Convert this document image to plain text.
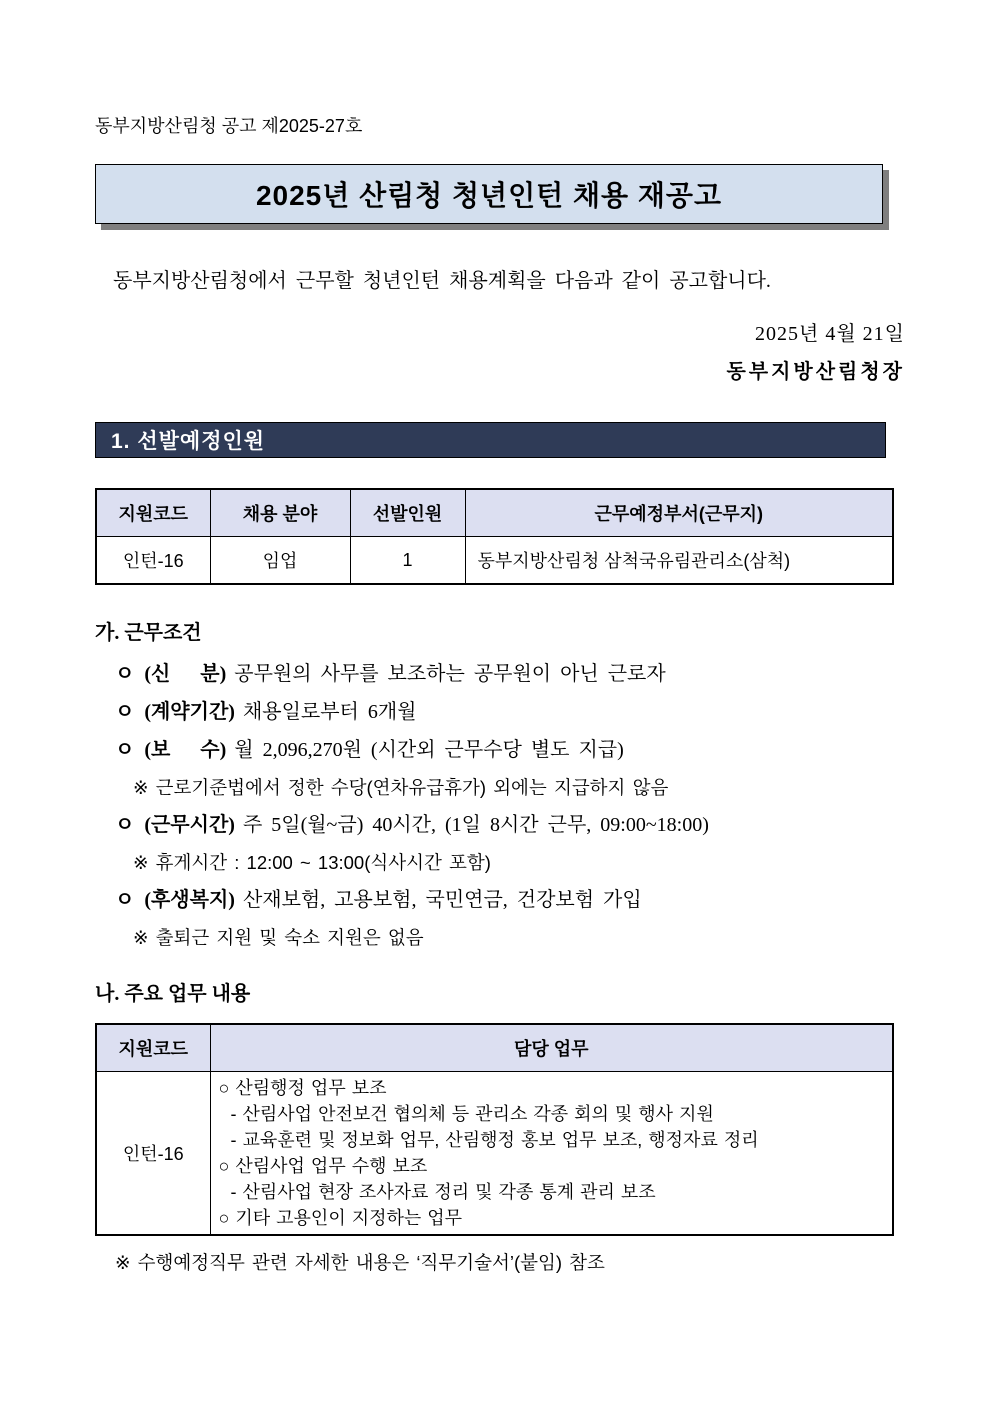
동부지방산림청 공고 제2025-27호
2025년 산림청 청년인턴 채용 재공고
동부지방산림청에서 근무할 청년인턴 채용계획을 다음과 같이 공고합니다.
2025년 4월 21일
동부지방산림청장
1. 선발예정인원
지원코드	채용 분야	선발인원	근무예정부서(근무지)
인턴-16	임업	1	동부지방산림청 삼척국유림관리소(삼척)
가. 근무조건
ㅇ (신      분) 공무원의 사무를 보조하는 공무원이 아닌 근로자
ㅇ (계약기간) 채용일로부터 6개월
ㅇ (보      수) 월 2,096,270원 (시간외 근무수당 별도 지급)
※ 근로기준법에서 정한 수당(연차유급휴가) 외에는 지급하지 않음
ㅇ (근무시간) 주 5일(월~금) 40시간, (1일 8시간 근무, 09:00~18:00)
※ 휴게시간 : 12:00 ~ 13:00(식사시간 포함)
ㅇ (후생복지) 산재보험, 고용보험, 국민연금, 건강보험 가입
※ 출퇴근 지원 및 숙소 지원은 없음
나. 주요 업무 내용
지원코드	담당 업무
인턴-16	
○ 산림행정 업무 보조
- 산림사업 안전보건 협의체 등 관리소 각종 회의 및 행사 지원
- 교육훈련 및 정보화 업무, 산림행정 홍보 업무 보조, 행정자료 정리
○ 산림사업 업무 수행 보조
- 산림사업 현장 조사자료 정리 및 각종 통계 관리 보조
○ 기타 고용인이 지정하는 업무
※ 수행예정직무 관련 자세한 내용은 ‘직무기술서’(붙임) 참조
